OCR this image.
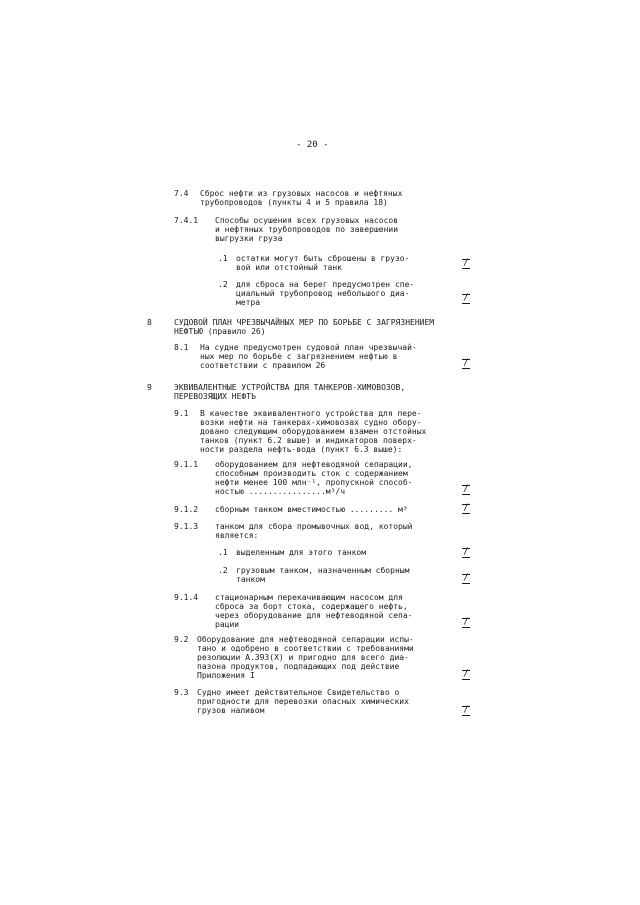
- 20 -
7.4 Сброс нефти из грузовых насосов и нефтяных
трубопроводов (пункты 4 и 5 правила 18)
7.4.1 Способы осушения всех грузовых насосов
и нефтяных трубопроводов по завершении
выгрузки груза
.1 остатки могут быть сброшены в грузо-
вой или отстойный танк	/
.2 для сброса на берег предусмотрен спе-
циальный трубопровод небольшого диа-
метра	/
8	СУДОВОЙ ПЛАН ЧРЕЗВЫЧАЙНЫХ МЕР ПО БОРЬБЕ С ЗАГРЯЗНЕНИЕМ
НЕФТЬЮ (правило 26)
8.1 На судне предусмотрен судовой план чрезвычай-
ных мер по борьбе с загрязнением нефтью в
соответствии с правилом 26	/
9	ЭКВИВАЛЕНТНЫЕ УСТРОЙСТВА ДЛЯ ТАНКЕРОВ-ХИМОВОЗОВ,
ПЕРЕВОЗЯЩИХ НЕФТЬ
9.1 В качестве эквивалентного устройства для пере-
возки нефти на танкерах-химовозах судно обору-
довано следующим оборудованием взамен отстойных
танков (пункт 6.2 выше) и индикаторов поверх-
ности раздела нефть-вода (пункт 6.3 выше):
9.1.1 оборудованием для нефтеводяной сепарации,
способным производить сток с содержанием
нефти менее 100 млн⁻¹, пропускной способ-
ностью ................м³/ч	/
9.1.2 сборным танком вместимостью ......... м³	/
9.1.3 танком для сбора промывочных вод, который
является:
.1 выделенным для этого танком	/
.2 грузовым танком, назначенным сборным
танком	/
9.1.4 стационарным перекачивающим насосом для
сброса за борт стока, содержащего нефть,
через оборудование для нефтеводяной сепа-
рации	/
9.2 Оборудование для нефтеводяной сепарации испы-
тано и одобрено в соответствии с требованиями
резолюции А.393(Х) и пригодно для всего диа-
пазона продуктов, подпадающих под действие
Приложения I	/
9.3 Судно имеет действительное Свидетельство о
пригодности для перевозки опасных химических
грузов наливом	/
